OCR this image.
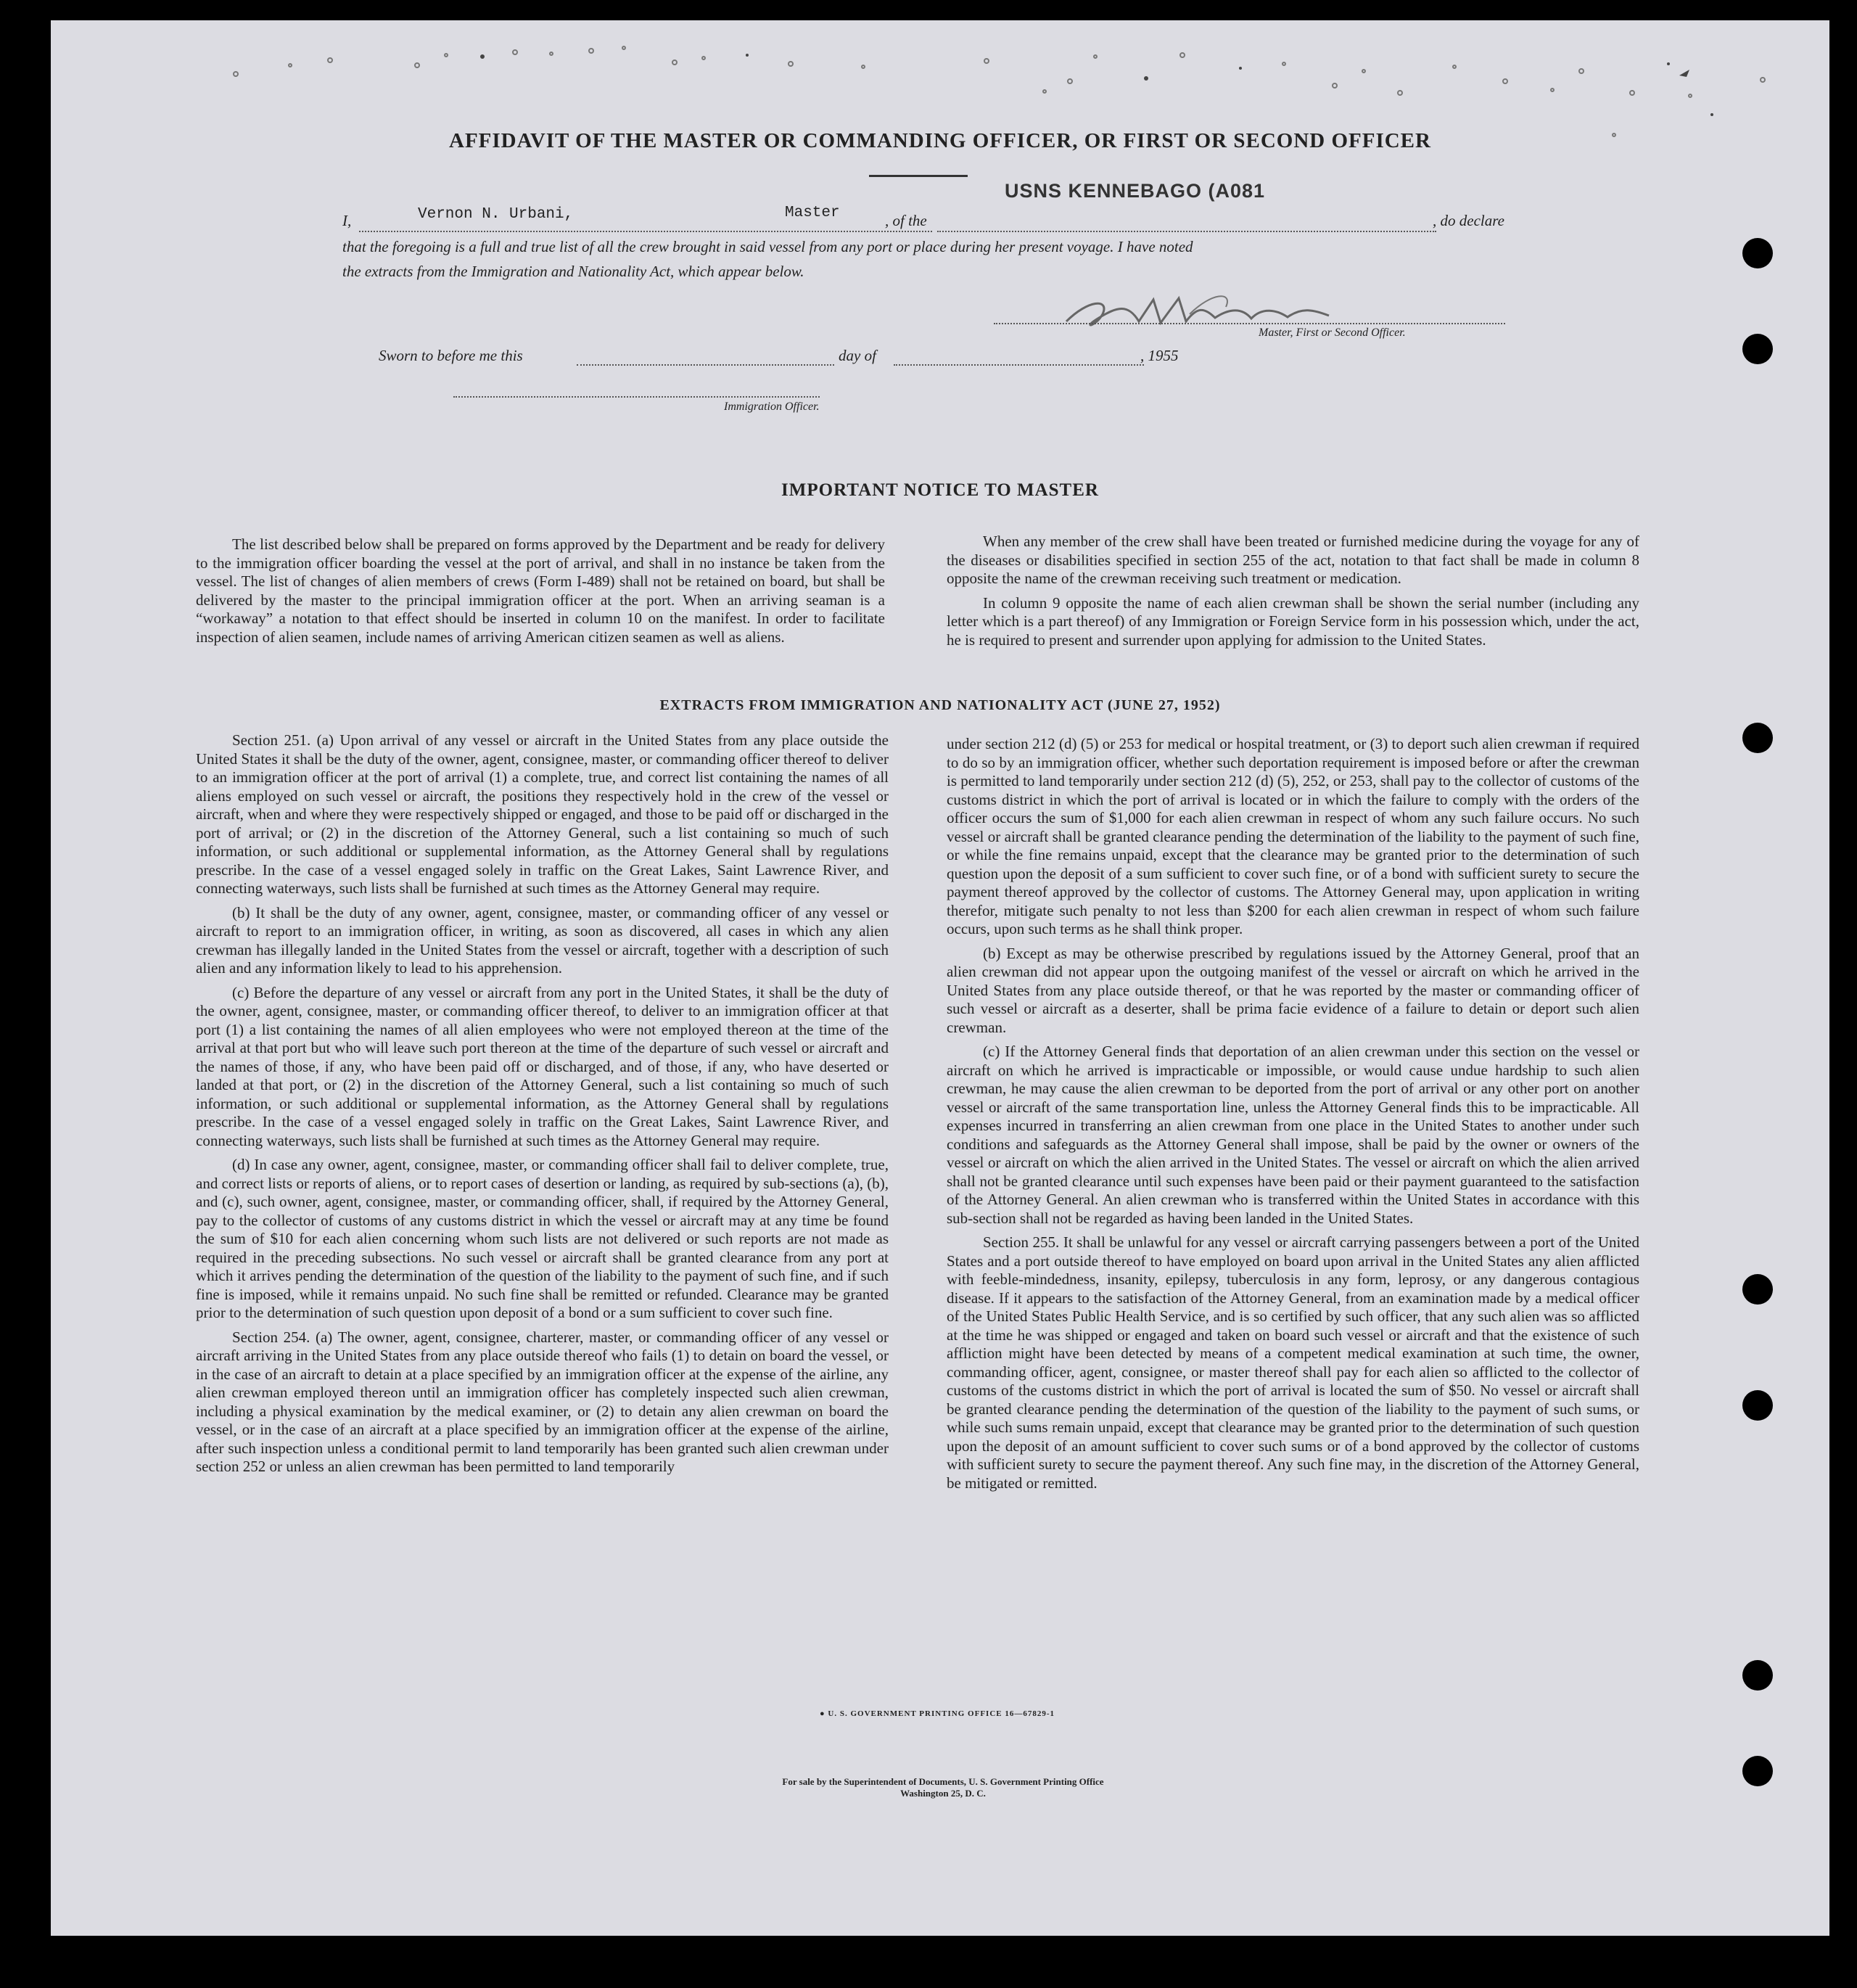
AFFIDAVIT OF THE MASTER OR COMMANDING OFFICER, OR FIRST OR SECOND OFFICER
I,	Vernon N. Urbani,	Master	, of the
USNS KENNEBAGO (A081
, do declare
that the foregoing is a full and true list of all the crew brought in said vessel from any port or place during her present voyage. I have noted
the extracts from the Immigration and Nationality Act, which appear below.
Master, First or Second Officer.
Sworn to before me this	day of	, 1955
Immigration Officer.
IMPORTANT NOTICE TO MASTER

The list described below shall be prepared on forms approved by the Department and be ready for delivery to the immigration officer boarding the vessel at the port of arrival, and shall in no instance be taken from the vessel. The list of changes of alien members of crews (Form I-489) shall not be retained on board, but shall be delivered by the master to the principal immigration officer at the port. When an arriving seaman is a “workaway” a notation to that effect should be inserted in column 10 on the manifest. In order to facilitate inspection of alien seamen, include names of arriving American citizen seamen as well as aliens.

When any member of the crew shall have been treated or furnished medicine during the voyage for any of the diseases or disabilities specified in section 255 of the act, notation to that fact shall be made in column 8 opposite the name of the crewman receiving such treatment or medication.

In column 9 opposite the name of each alien crewman shall be shown the serial number (including any letter which is a part thereof) of any Immigration or Foreign Service form in his possession which, under the act, he is required to present and surrender upon applying for admission to the United States.

EXTRACTS FROM IMMIGRATION AND NATIONALITY ACT (JUNE 27, 1952)

Section 251. (a) Upon arrival of any vessel or aircraft in the United States from any place outside the United States it shall be the duty of the owner, agent, consignee, master, or commanding officer thereof to deliver to an immigration officer at the port of arrival (1) a complete, true, and correct list containing the names of all aliens employed on such vessel or aircraft, the positions they respectively hold in the crew of the vessel or aircraft, when and where they were respectively shipped or engaged, and those to be paid off or discharged in the port of arrival; or (2) in the discretion of the Attorney General, such a list containing so much of such information, or such additional or supplemental information, as the Attorney General shall by regulations prescribe. In the case of a vessel engaged solely in traffic on the Great Lakes, Saint Lawrence River, and connecting waterways, such lists shall be furnished at such times as the Attorney General may require.

(b) It shall be the duty of any owner, agent, consignee, master, or commanding officer of any vessel or aircraft to report to an immigration officer, in writing, as soon as discovered, all cases in which any alien crewman has illegally landed in the United States from the vessel or aircraft, together with a description of such alien and any information likely to lead to his apprehension.

(c) Before the departure of any vessel or aircraft from any port in the United States, it shall be the duty of the owner, agent, consignee, master, or commanding officer thereof, to deliver to an immigration officer at that port (1) a list containing the names of all alien employees who were not employed thereon at the time of the arrival at that port but who will leave such port thereon at the time of the departure of such vessel or aircraft and the names of those, if any, who have been paid off or discharged, and of those, if any, who have deserted or landed at that port, or (2) in the discretion of the Attorney General, such a list containing so much of such information, or such additional or supplemental information, as the Attorney General shall by regulations prescribe. In the case of a vessel engaged solely in traffic on the Great Lakes, Saint Lawrence River, and connecting waterways, such lists shall be furnished at such times as the Attorney General may require.

(d) In case any owner, agent, consignee, master, or commanding officer shall fail to deliver complete, true, and correct lists or reports of aliens, or to report cases of desertion or landing, as required by sub-sections (a), (b), and (c), such owner, agent, consignee, master, or commanding officer, shall, if required by the Attorney General, pay to the collector of customs of any customs district in which the vessel or aircraft may at any time be found the sum of $10 for each alien concerning whom such lists are not delivered or such reports are not made as required in the preceding subsections. No such vessel or aircraft shall be granted clearance from any port at which it arrives pending the determination of the question of the liability to the payment of such fine, and if such fine is imposed, while it remains unpaid. No such fine shall be remitted or refunded. Clearance may be granted prior to the determination of such question upon deposit of a bond or a sum sufficient to cover such fine.

Section 254. (a) The owner, agent, consignee, charterer, master, or commanding officer of any vessel or aircraft arriving in the United States from any place outside thereof who fails (1) to detain on board the vessel, or in the case of an aircraft to detain at a place specified by an immigration officer at the expense of the airline, any alien crewman employed thereon until an immigration officer has completely inspected such alien crewman, including a physical examination by the medical examiner, or (2) to detain any alien crewman on board the vessel, or in the case of an aircraft at a place specified by an immigration officer at the expense of the airline, after such inspection unless a conditional permit to land temporarily has been granted such alien crewman under section 252 or unless an alien crewman has been permitted to land temporarily

under section 212 (d) (5) or 253 for medical or hospital treatment, or (3) to deport such alien crewman if required to do so by an immigration officer, whether such deportation requirement is imposed before or after the crewman is permitted to land temporarily under section 212 (d) (5), 252, or 253, shall pay to the collector of customs of the customs district in which the port of arrival is located or in which the failure to comply with the orders of the officer occurs the sum of $1,000 for each alien crewman in respect of whom any such failure occurs. No such vessel or aircraft shall be granted clearance pending the determination of the liability to the payment of such fine, or while the fine remains unpaid, except that the clearance may be granted prior to the determination of such question upon the deposit of a sum sufficient to cover such fine, or of a bond with sufficient surety to secure the payment thereof approved by the collector of customs. The Attorney General may, upon application in writing therefor, mitigate such penalty to not less than $200 for each alien crewman in respect of whom such failure occurs, upon such terms as he shall think proper.

(b) Except as may be otherwise prescribed by regulations issued by the Attorney General, proof that an alien crewman did not appear upon the outgoing manifest of the vessel or aircraft on which he arrived in the United States from any place outside thereof, or that he was reported by the master or commanding officer of such vessel or aircraft as a deserter, shall be prima facie evidence of a failure to detain or deport such alien crewman.

(c) If the Attorney General finds that deportation of an alien crewman under this section on the vessel or aircraft on which he arrived is impracticable or impossible, or would cause undue hardship to such alien crewman, he may cause the alien crewman to be deported from the port of arrival or any other port on another vessel or aircraft of the same transportation line, unless the Attorney General finds this to be impracticable. All expenses incurred in transferring an alien crewman from one place in the United States to another under such conditions and safeguards as the Attorney General shall impose, shall be paid by the owner or owners of the vessel or aircraft on which the alien arrived in the United States. The vessel or aircraft on which the alien arrived shall not be granted clearance until such expenses have been paid or their payment guaranteed to the satisfaction of the Attorney General. An alien crewman who is transferred within the United States in accordance with this sub-section shall not be regarded as having been landed in the United States.

Section 255. It shall be unlawful for any vessel or aircraft carrying passengers between a port of the United States and a port outside thereof to have employed on board upon arrival in the United States any alien afflicted with feeble-mindedness, insanity, epilepsy, tuberculosis in any form, leprosy, or any dangerous contagious disease. If it appears to the satisfaction of the Attorney General, from an examination made by a medical officer of the United States Public Health Service, and is so certified by such officer, that any such alien was so afflicted at the time he was shipped or engaged and taken on board such vessel or aircraft and that the existence of such affliction might have been detected by means of a competent medical examination at such time, the owner, commanding officer, agent, consignee, or master thereof shall pay for each alien so afflicted to the collector of customs of the customs district in which the port of arrival is located the sum of $50. No vessel or aircraft shall be granted clearance pending the determination of the question of the liability to the payment of such sums, or while such sums remain unpaid, except that clearance may be granted prior to the determination of such question upon the deposit of an amount sufficient to cover such sums or of a bond approved by the collector of customs with sufficient surety to secure the payment thereof. Any such fine may, in the discretion of the Attorney General, be mitigated or remitted.

● U. S. GOVERNMENT PRINTING OFFICE 16—67829-1
For sale by the Superintendent of Documents, U. S. Government Printing Office
Washington 25, D. C.
